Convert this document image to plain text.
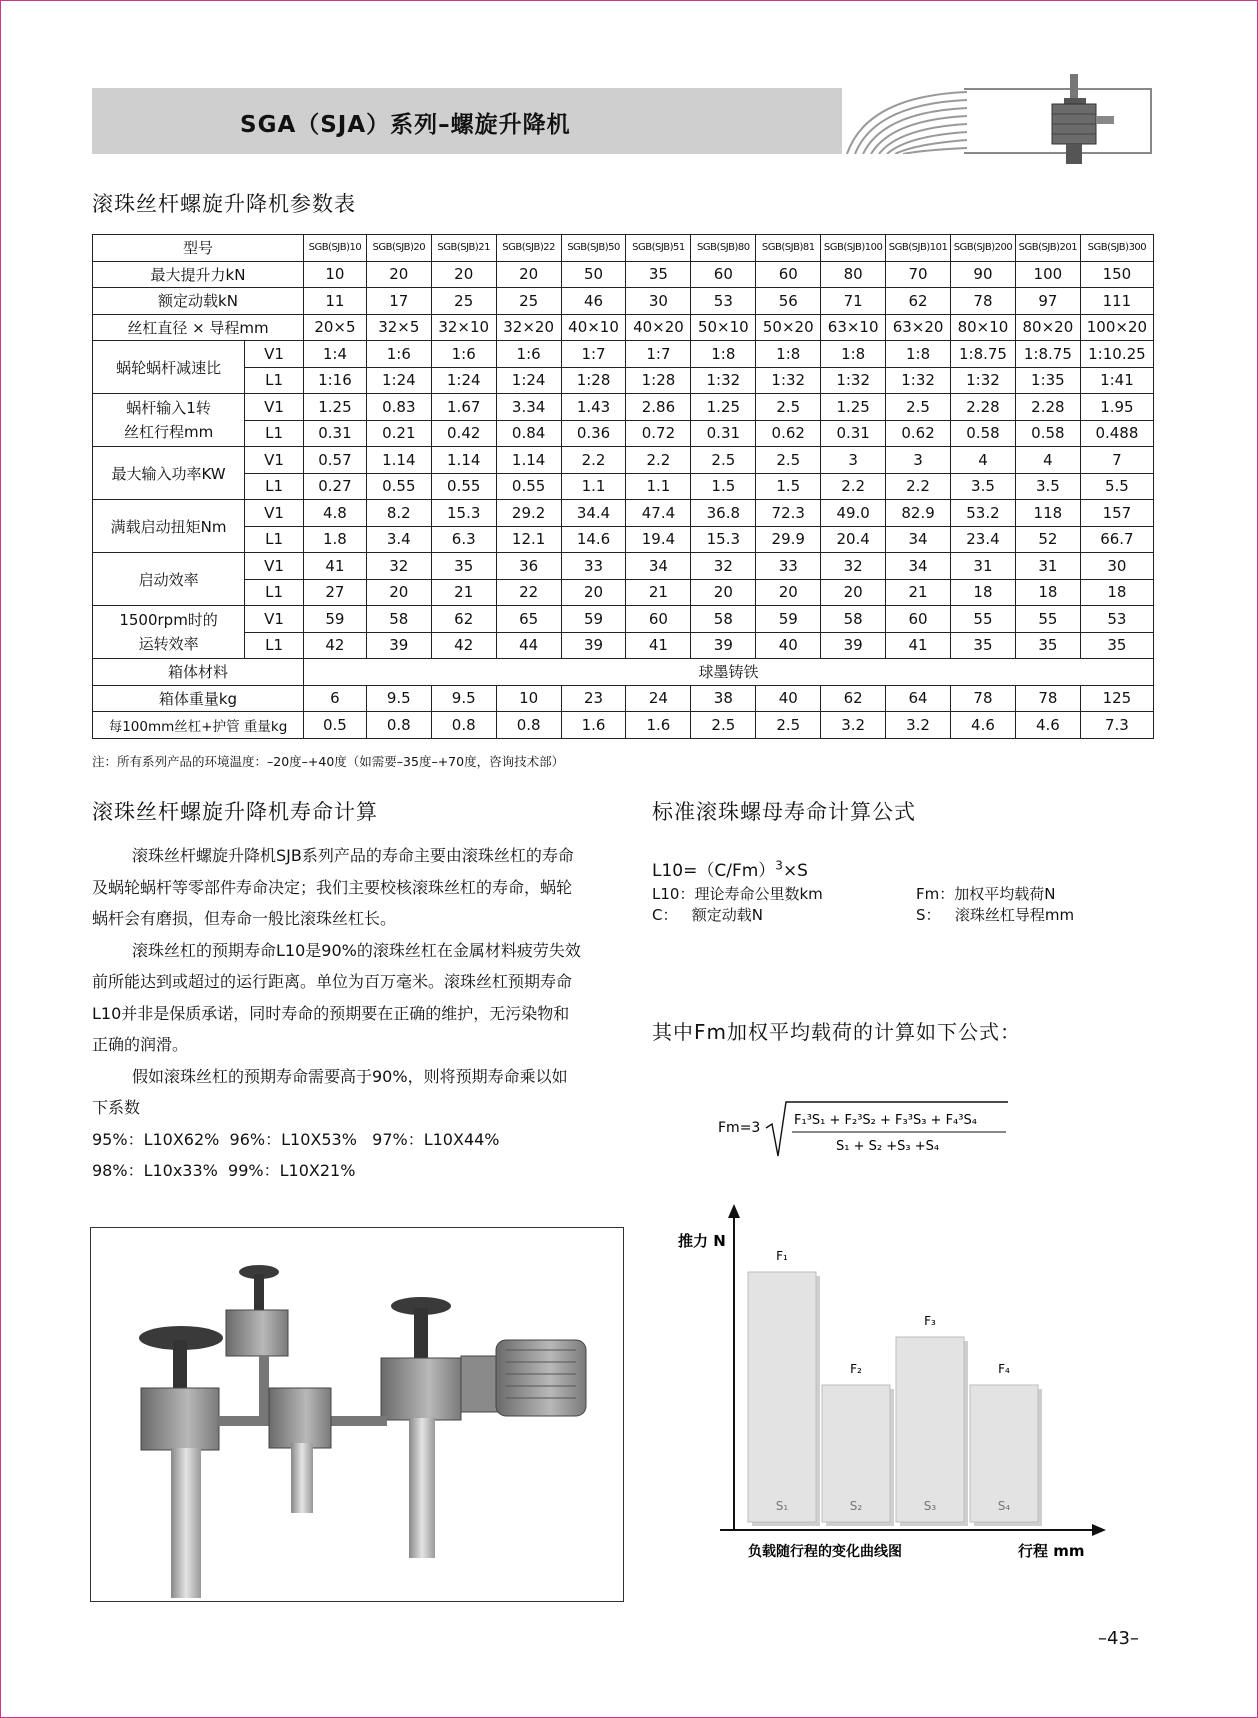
SGA（SJA）系列–螺旋升降机
滚珠丝杆螺旋升降机参数表
型号		SGB(SJB)10	SGB(SJB)20	SGB(SJB)21	SGB(SJB)22	SGB(SJB)50	SGB(SJB)51	SGB(SJB)80	SGB(SJB)81	SGB(SJB)100	SGB(SJB)101	SGB(SJB)200	SGB(SJB)201	SGB(SJB)300
最大提升力kN		10	20	20	20	50	35	60	60	80	70	90	100	150
额定动载kN		11	17	25	25	46	30	53	56	71	62	78	97	111
丝杠直径 × 导程mm		20×5	32×5	32×10	32×20	40×10	40×20	50×10	50×20	63×10	63×20	80×10	80×20	100×20
蜗轮蜗杆减速比	V1	1:4	1:6	1:6	1:6	1:7	1:7	1:8	1:8	1:8	1:8	1:8.75	1:8.75	1:10.25
	L1	1:16	1:24	1:24	1:24	1:28	1:28	1:32	1:32	1:32	1:32	1:32	1:35	1:41

蜗杆输入1转
丝杠行程mm	V1	1.25	0.83	1.67	3.34	1.43	2.86	1.25	2.5	1.25	2.5	2.28	2.28	1.95
	L1	0.31	0.21	0.42	0.84	0.36	0.72	0.31	0.62	0.31	0.62	0.58	0.58	0.488
最大输入功率KW	V1	0.57	1.14	1.14	1.14	2.2	2.2	2.5	2.5	3	3	4	4	7
	L1	0.27	0.55	0.55	0.55	1.1	1.1	1.5	1.5	2.2	2.2	3.5	3.5	5.5
满载启动扭矩Nm	V1	4.8	8.2	15.3	29.2	34.4	47.4	36.8	72.3	49.0	82.9	53.2	118	157
	L1	1.8	3.4	6.3	12.1	14.6	19.4	15.3	29.9	20.4	34	23.4	52	66.7
启动效率	V1	41	32	35	36	33	34	32	33	32	34	31	31	30
	L1	27	20	21	22	20	21	20	20	20	21	18	18	18

1500rpm时的
运转效率	V1	59	58	62	65	59	60	58	59	58	60	55	55	53
	L1	42	39	42	44	39	41	39	40	39	41	35	35	35
箱体材料		球墨铸铁												
箱体重量kg		6	9.5	9.5	10	23	24	38	40	62	64	78	78	125
每100mm丝杠+护管 重量kg		0.5	0.8	0.8	0.8	1.6	1.6	2.5	2.5	3.2	3.2	4.6	4.6	7.3
注：所有系列产品的环境温度：–20度–+40度（如需要–35度–+70度，咨询技术部）
滚珠丝杆螺旋升降机寿命计算

滚珠丝杆螺旋升降机SJB系列产品的寿命主要由滚珠丝杠的寿命及蜗轮蜗杆等零部件寿命决定；我们主要校核滚珠丝杠的寿命，蜗轮蜗杆会有磨损，但寿命一般比滚珠丝杠长。

滚珠丝杠的预期寿命L10是90%的滚珠丝杠在金属材料疲劳失效前所能达到或超过的运行距离。单位为百万毫米。滚珠丝杠预期寿命L10并非是保质承诺，同时寿命的预期要在正确的维护，无污染物和正确的润滑。

假如滚珠丝杠的预期寿命需要高于90%，则将预期寿命乘以如下系数

95%：L10X62%  96%：L10X53%   97%：L10X44%

98%：L10x33%  99%：L10X21%

标准滚珠螺母寿命计算公式
$L10=(C/Fm)^3\times S$
L10：理论寿命公里数km
C：   额定动载N
Fm：加权平均载荷N
S：   滚珠丝杠导程mm
其中Fm加权平均载荷的计算如下公式：
Fm=3	F₁³S₁ + F₂³S₂ + F₃³S₃ + F₄³S₄
S₁ + S₂ +S₃ +S₄
F₁
S₁
F₂
S₂
F₃
S₃
F₄
S₄
推力 N
行程 mm
负载随行程的变化曲线图
–43–
